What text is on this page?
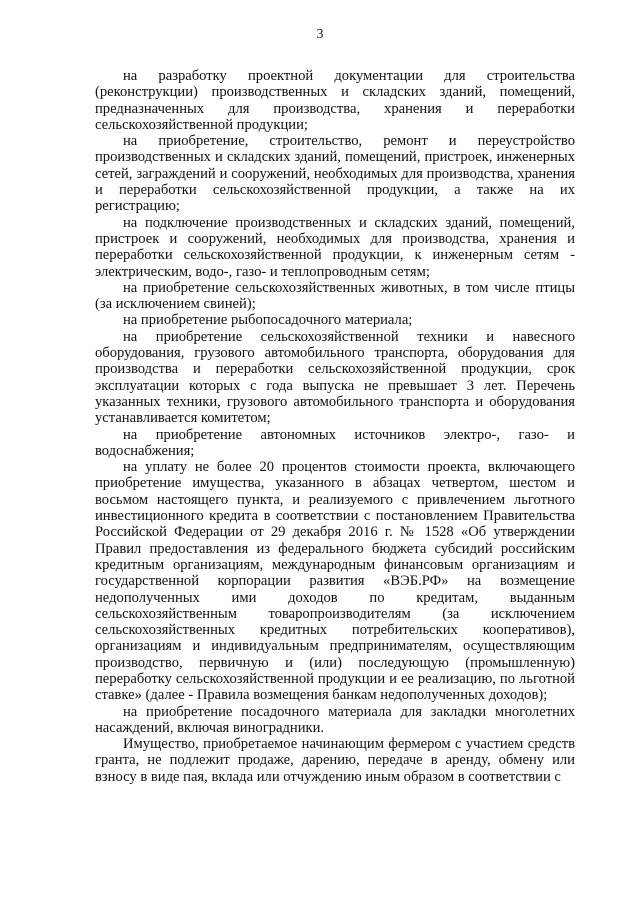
3

на разработку проектной документации для строительства (реконструкции) производственных и складских зданий, помещений, предназначенных для производства, хранения и переработки сельскохозяйственной продукции;

на приобретение, строительство, ремонт и переустройство производственных и складских зданий, помещений, пристроек, инженерных сетей, заграждений и сооружений, необходимых для производства, хранения и переработки сельскохозяйственной продукции, а также на их регистрацию;

на подключение производственных и складских зданий, помещений, пристроек и сооружений, необходимых для производства, хранения и переработки сельскохозяйственной продукции, к инженерным сетям - электрическим, водо-, газо- и теплопроводным сетям;

на приобретение сельскохозяйственных животных, в том числе птицы (за исключением свиней);

на приобретение рыбопосадочного материала;

на приобретение сельскохозяйственной техники и навесного оборудования, грузового автомобильного транспорта, оборудования для производства и переработки сельскохозяйственной продукции, срок эксплуатации которых с года выпуска не превышает 3 лет. Перечень указанных техники, грузового автомобильного транспорта и оборудования устанавливается комитетом;

на приобретение автономных источников электро-, газо- и водоснабжения;

на уплату не более 20 процентов стоимости проекта, включающего приобретение имущества, указанного в абзацах четвертом, шестом и восьмом настоящего пункта, и реализуемого с привлечением льготного инвестиционного кредита в соответствии с постановлением Правительства Российской Федерации от 29 декабря 2016 г. № 1528 «Об утверждении Правил предоставления из федерального бюджета субсидий российским кредитным организациям, международным финансовым организациям и государственной корпорации развития «ВЭБ.РФ» на возмещение недополученных ими доходов по кредитам, выданным сельскохозяйственным товаропроизводителям (за исключением сельскохозяйственных кредитных потребительских кооперативов), организациям и индивидуальным предпринимателям, осуществляющим производство, первичную и (или) последующую (промышленную) переработку сельскохозяйственной продукции и ее реализацию, по льготной ставке» (далее - Правила возмещения банкам недополученных доходов);

на приобретение посадочного материала для закладки многолетних насаждений, включая виноградники.

Имущество, приобретаемое начинающим фермером с участием средств гранта, не подлежит продаже, дарению, передаче в аренду, обмену или взносу в виде пая, вклада или отчуждению иным образом в соответствии с
